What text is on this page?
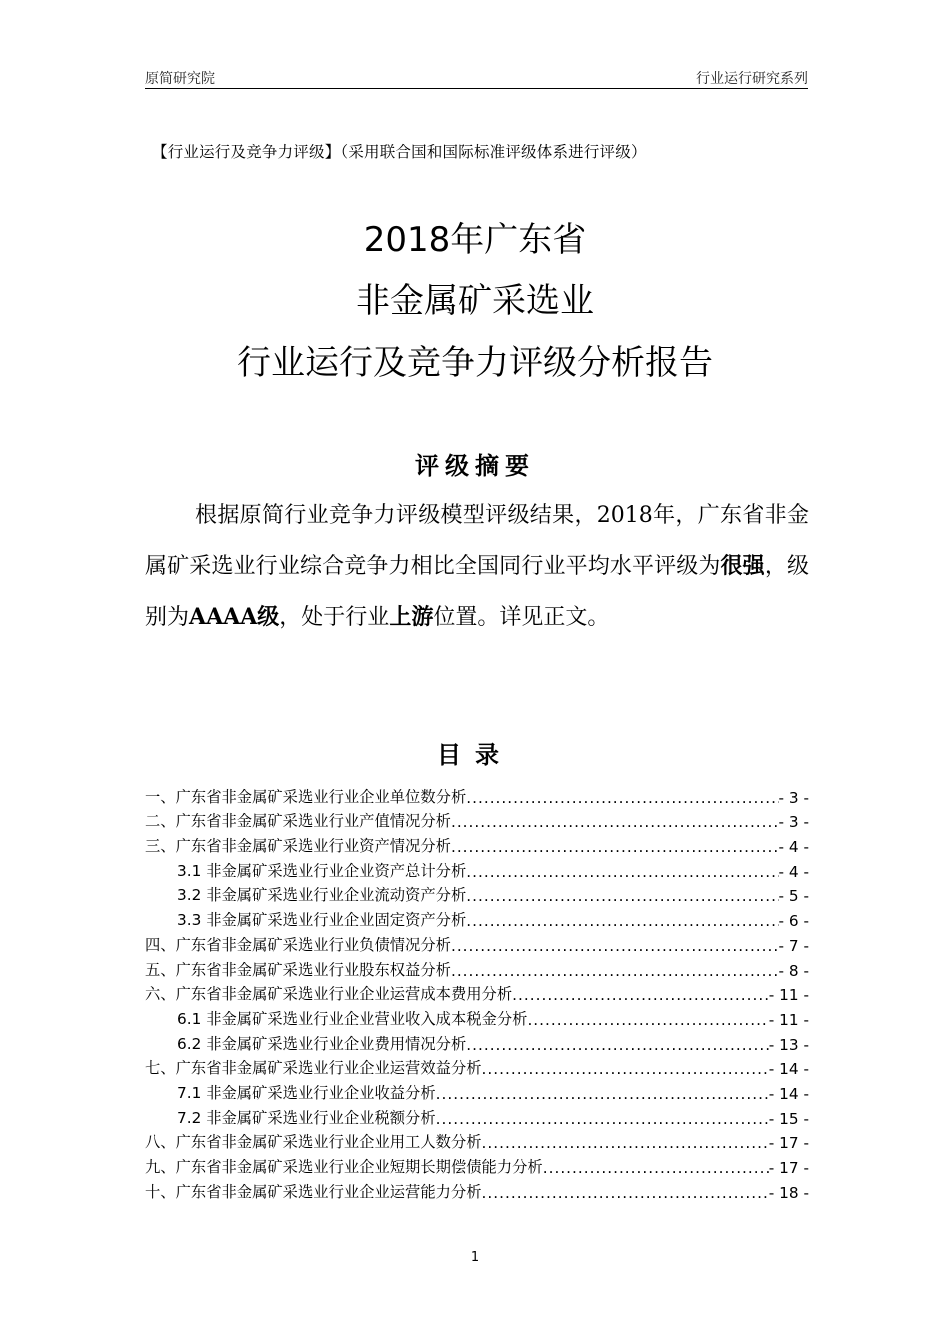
原简研究院	行业运行研究系列
【行业运行及竞争力评级】（采用联合国和国际标准评级体系进行评级）
2018年广东省
非金属矿采选业
行业运行及竞争力评级分析报告
评级摘要
根据原简行业竞争力评级模型评级结果，2018年，广东省非金属矿采选业行业综合竞争力相比全国同行业平均水平评级为很强，级别为AAAA级，处于行业上游位置。详见正文。
目录
一、广东省非金属矿采选业行业企业单位数分析 .....	- 3 -
二、广东省非金属矿采选业行业产值情况分析 .....	- 3 -
三、广东省非金属矿采选业行业资产情况分析 .....	- 4 -
3.1 非金属矿采选业行业企业资产总计分析 .....	- 4 -
3.2 非金属矿采选业行业企业流动资产分析 .....	- 5 -
3.3 非金属矿采选业行业企业固定资产分析 .....	- 6 -
四、广东省非金属矿采选业行业负债情况分析 .....	- 7 -
五、广东省非金属矿采选业行业股东权益分析 .....	- 8 -
六、广东省非金属矿采选业行业企业运营成本费用分析 .....	- 11 -
6.1 非金属矿采选业行业企业营业收入成本税金分析 .....	- 11 -
6.2 非金属矿采选业行业企业费用情况分析 .....	- 13 -
七、广东省非金属矿采选业行业企业运营效益分析 .....	- 14 -
7.1 非金属矿采选业行业企业收益分析 .....	- 14 -
7.2 非金属矿采选业行业企业税额分析 .....	- 15 -
八、广东省非金属矿采选业行业企业用工人数分析 .....	- 17 -
九、广东省非金属矿采选业行业企业短期长期偿债能力分析 .....	- 17 -
十、广东省非金属矿采选业行业企业运营能力分析 .....	- 18 -
1
